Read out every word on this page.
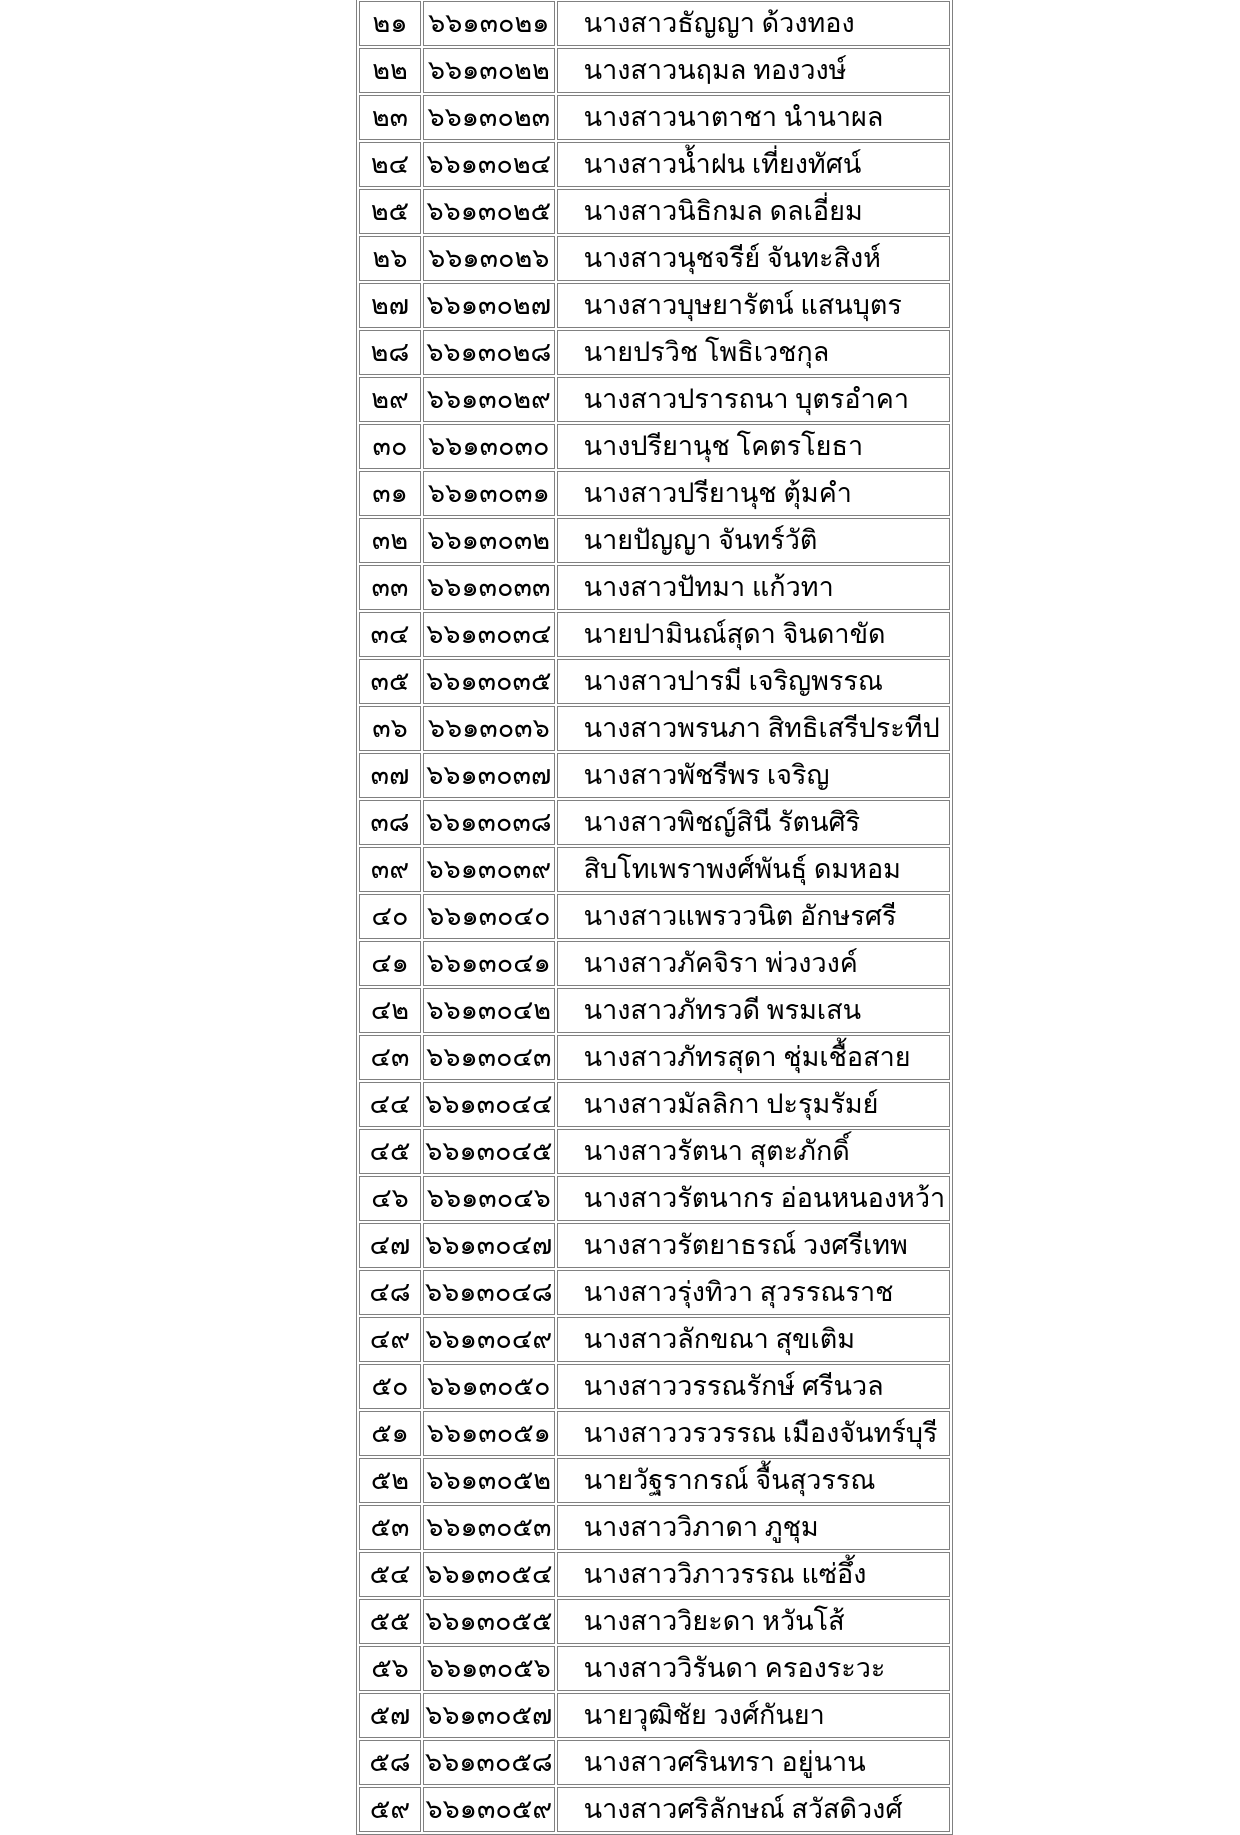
๒๑	๖๖๑๓๐๒๑	นางสาวธัญญา ด้วงทอง
๒๒	๖๖๑๓๐๒๒	นางสาวนฤมล ทองวงษ์
๒๓	๖๖๑๓๐๒๓	นางสาวนาตาชา นำนาผล
๒๔	๖๖๑๓๐๒๔	นางสาวน้ำฝน เที่ยงทัศน์
๒๕	๖๖๑๓๐๒๕	นางสาวนิธิกมล ดลเอี่ยม
๒๖	๖๖๑๓๐๒๖	นางสาวนุชจรีย์ จันทะสิงห์
๒๗	๖๖๑๓๐๒๗	นางสาวบุษยารัตน์ แสนบุตร
๒๘	๖๖๑๓๐๒๘	นายปรวิช โพธิเวชกุล
๒๙	๖๖๑๓๐๒๙	นางสาวปรารถนา บุตรอำคา
๓๐	๖๖๑๓๐๓๐	นางปรียานุช โคตรโยธา
๓๑	๖๖๑๓๐๓๑	นางสาวปรียานุช ตุ้มคำ
๓๒	๖๖๑๓๐๓๒	นายปัญญา จันทร์วัติ
๓๓	๖๖๑๓๐๓๓	นางสาวปัทมา แก้วทา
๓๔	๖๖๑๓๐๓๔	นายปามินณ์สุดา จินดาขัด
๓๕	๖๖๑๓๐๓๕	นางสาวปารมี เจริญพรรณ
๓๖	๖๖๑๓๐๓๖	นางสาวพรนภา สิทธิเสรีประทีป
๓๗	๖๖๑๓๐๓๗	นางสาวพัชรีพร เจริญ
๓๘	๖๖๑๓๐๓๘	นางสาวพิชญ์สินี รัตนศิริ
๓๙	๖๖๑๓๐๓๙	สิบโทเพราพงศ์พันธุ์ ดมหอม
๔๐	๖๖๑๓๐๔๐	นางสาวแพรววนิต อักษรศรี
๔๑	๖๖๑๓๐๔๑	นางสาวภัคจิรา พ่วงวงค์
๔๒	๖๖๑๓๐๔๒	นางสาวภัทรวดี พรมเสน
๔๓	๖๖๑๓๐๔๓	นางสาวภัทรสุดา ชุ่มเชื้อสาย
๔๔	๖๖๑๓๐๔๔	นางสาวมัลลิกา ปะรุมรัมย์
๔๕	๖๖๑๓๐๔๕	นางสาวรัตนา สุตะภักดิ์
๔๖	๖๖๑๓๐๔๖	นางสาวรัตนากร อ่อนหนองหว้า
๔๗	๖๖๑๓๐๔๗	นางสาวรัตยาธรณ์ วงศรีเทพ
๔๘	๖๖๑๓๐๔๘	นางสาวรุ่งทิวา สุวรรณราช
๔๙	๖๖๑๓๐๔๙	นางสาวลักขณา สุขเติม
๕๐	๖๖๑๓๐๕๐	นางสาววรรณรักษ์ ศรีนวล
๕๑	๖๖๑๓๐๕๑	นางสาววรวรรณ เมืองจันทร์บุรี
๕๒	๖๖๑๓๐๕๒	นายวัฐรากรณ์ จื้นสุวรรณ
๕๓	๖๖๑๓๐๕๓	นางสาววิภาดา ภูชุม
๕๔	๖๖๑๓๐๕๔	นางสาววิภาวรรณ แซ่อึ้ง
๕๕	๖๖๑๓๐๕๕	นางสาววิยะดา หวันโส้
๕๖	๖๖๑๓๐๕๖	นางสาววิรันดา ครองระวะ
๕๗	๖๖๑๓๐๕๗	นายวุฒิชัย วงศ์กันยา
๕๘	๖๖๑๓๐๕๘	นางสาวศรินทรา อยู่นาน
๕๙	๖๖๑๓๐๕๙	นางสาวศริลักษณ์ สวัสดิวงศ์
